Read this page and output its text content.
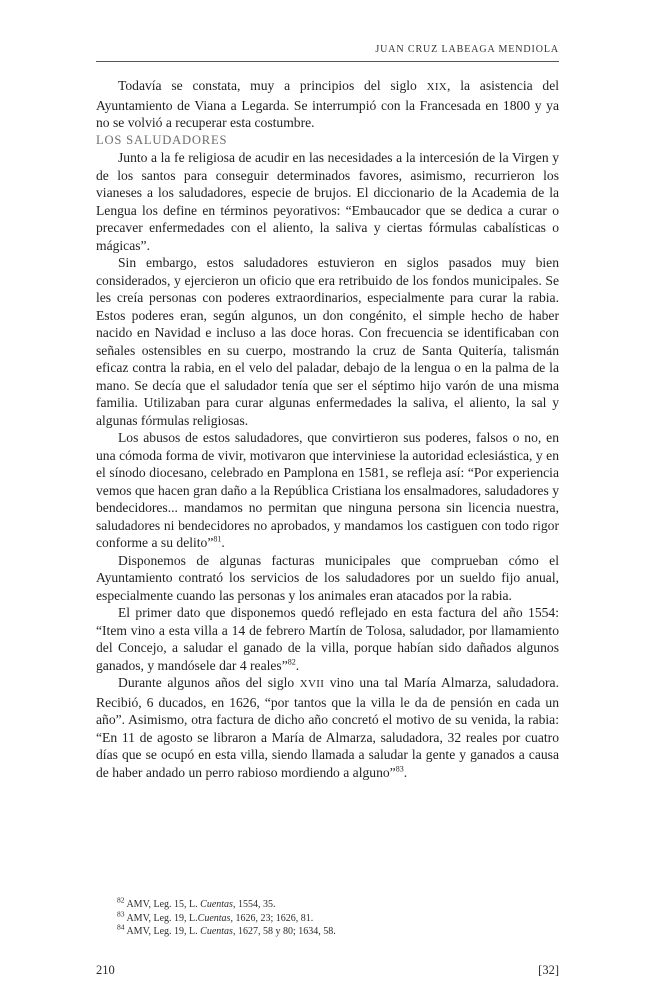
JUAN CRUZ LABEAGA MENDIOLA

Todavía se constata, muy a principios del siglo XIX, la asistencia del Ayuntamiento de Viana a Legarda. Se interrumpió con la Francesada en 1800 y ya no se volvió a recuperar esta costumbre.

LOS SALUDADORES

Junto a la fe religiosa de acudir en las necesidades a la intercesión de la Virgen y de los santos para conseguir determinados favores, asimismo, recurrieron los vianeses a los saludadores, especie de brujos. El diccionario de la Academia de la Lengua los define en términos peyorativos: “Embaucador que se dedica a curar o precaver enfermedades con el aliento, la saliva y ciertas fórmulas cabalísticas o mágicas”.

Sin embargo, estos saludadores estuvieron en siglos pasados muy bien considerados, y ejercieron un oficio que era retribuido de los fondos municipales. Se les creía personas con poderes extraordinarios, especialmente para curar la rabia. Estos poderes eran, según algunos, un don congénito, el simple hecho de haber nacido en Navidad e incluso a las doce horas. Con frecuencia se identificaban con señales ostensibles en su cuerpo, mostrando la cruz de Santa Quitería, talismán eficaz contra la rabia, en el velo del paladar, debajo de la lengua o en la palma de la mano. Se decía que el saludador tenía que ser el séptimo hijo varón de una misma familia. Utilizaban para curar algunas enfermedades la saliva, el aliento, la sal y algunas fórmulas religiosas.

Los abusos de estos saludadores, que convirtieron sus poderes, falsos o no, en una cómoda forma de vivir, motivaron que interviniese la autoridad eclesiástica, y en el sínodo diocesano, celebrado en Pamplona en 1581, se refleja así: “Por experiencia vemos que hacen gran daño a la República Cristiana los ensalmadores, saludadores y bendecidores... mandamos no permitan que ninguna persona sin licencia nuestra, saludadores ni bendecidores no aprobados, y mandamos los castiguen con todo rigor conforme a su delito”$^{81}$.

Disponemos de algunas facturas municipales que comprueban cómo el Ayuntamiento contrató los servicios de los saludadores por un sueldo fijo anual, especialmente cuando las personas y los animales eran atacados por la rabia.

El primer dato que disponemos quedó reflejado en esta factura del año 1554: “Item vino a esta villa a 14 de febrero Martín de Tolosa, saludador, por llamamiento del Concejo, a saludar el ganado de la villa, porque habían sido dañados algunos ganados, y mandósele dar 4 reales”$^{82}$.

Durante algunos años del siglo XVII vino una tal María Almarza, saludadora. Recibió, 6 ducados, en 1626, “por tantos que la villa le da de pensión en cada un año”. Asimismo, otra factura de dicho año concretó el motivo de su venida, la rabia: “En 11 de agosto se libraron a María de Almarza, saludadora, 32 reales por cuatro días que se ocupó en esta villa, siendo llamada a saludar la gente y ganados a causa de haber andado un perro rabioso mordiendo a alguno”$^{83}$.

$^{82}$ AMV, Leg. 15, L. Cuentas, 1554, 35.
$^{83}$ AMV, Leg. 19, L.Cuentas, 1626, 23; 1626, 81.
$^{84}$ AMV, Leg. 19, L. Cuentas, 1627, 58 y 80; 1634, 58.
210	[32]
